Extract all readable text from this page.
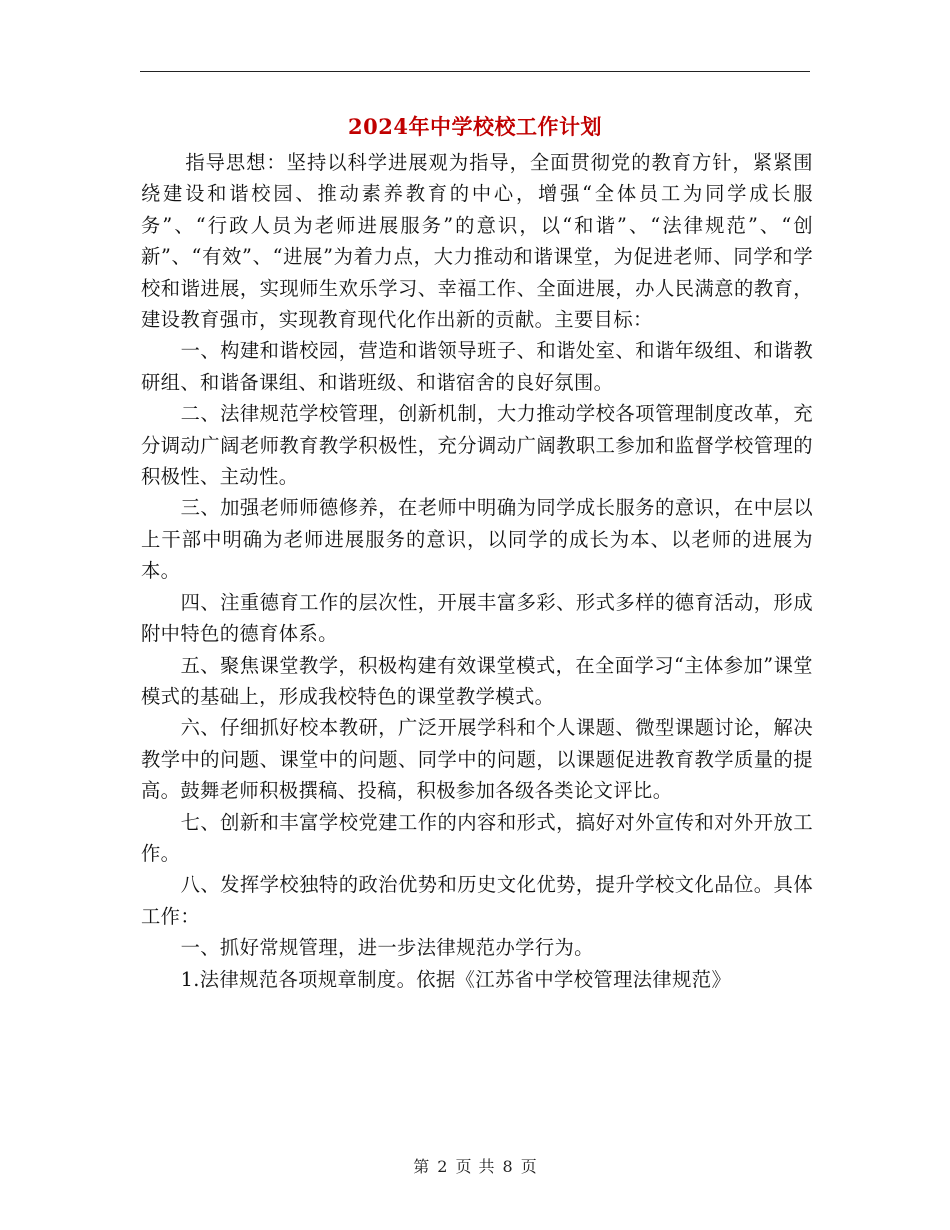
2024年中学校校工作计划

指导思想：坚持以科学进展观为指导，全面贯彻党的教育方针，紧紧围绕建设和谐校园、推动素养教育的中心，增强“全体员工为同学成长服务”、“行政人员为老师进展服务”的意识，以“和谐”、“法律规范”、“创新”、“有效”、“进展”为着力点，大力推动和谐课堂，为促进老师、同学和学校和谐进展，实现师生欢乐学习、幸福工作、全面进展，办人民满意的教育，建设教育强市，实现教育现代化作出新的贡献。主要目标：

一、构建和谐校园，营造和谐领导班子、和谐处室、和谐年级组、和谐教研组、和谐备课组、和谐班级、和谐宿舍的良好氛围。

二、法律规范学校管理，创新机制，大力推动学校各项管理制度改革，充分调动广阔老师教育教学积极性，充分调动广阔教职工参加和监督学校管理的积极性、主动性。

三、加强老师师德修养，在老师中明确为同学成长服务的意识，在中层以上干部中明确为老师进展服务的意识，以同学的成长为本、以老师的进展为本。

四、注重德育工作的层次性，开展丰富多彩、形式多样的德育活动，形成附中特色的德育体系。

五、聚焦课堂教学，积极构建有效课堂模式，在全面学习“主体参加”课堂模式的基础上，形成我校特色的课堂教学模式。

六、仔细抓好校本教研，广泛开展学科和个人课题、微型课题讨论，解决教学中的问题、课堂中的问题、同学中的问题，以课题促进教育教学质量的提高。鼓舞老师积极撰稿、投稿，积极参加各级各类论文评比。

七、创新和丰富学校党建工作的内容和形式，搞好对外宣传和对外开放工作。

八、发挥学校独特的政治优势和历史文化优势，提升学校文化品位。具体工作：

一、抓好常规管理，进一步法律规范办学行为。

1.法律规范各项规章制度。依据《江苏省中学校管理法律规范》

第 2 页 共 8 页
